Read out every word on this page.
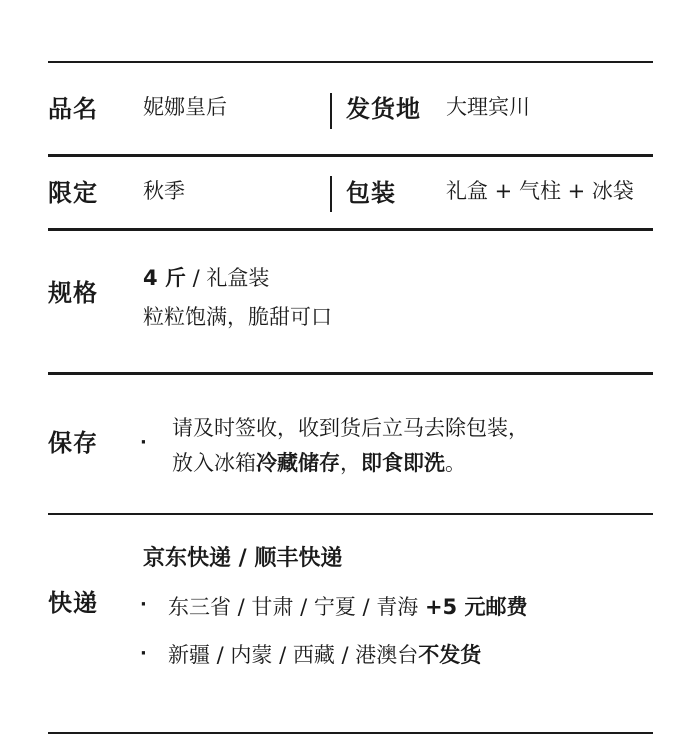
品名 妮娜皇后	发货地 大理宾川
限定 秋季	包装 礼盒 + 气柱 + 冰袋
规格
4 斤 / 礼盒装
粒粒饱满，脆甜可口
保存 ·
请及时签收，收到货后立马去除包装，
放入冰箱冷藏储存，即食即洗。
京东快递 / 顺丰快递
快递 · 东三省 / 甘肃 / 宁夏 / 青海 +5 元邮费
· 新疆 / 内蒙 / 西藏 / 港澳台不发货
